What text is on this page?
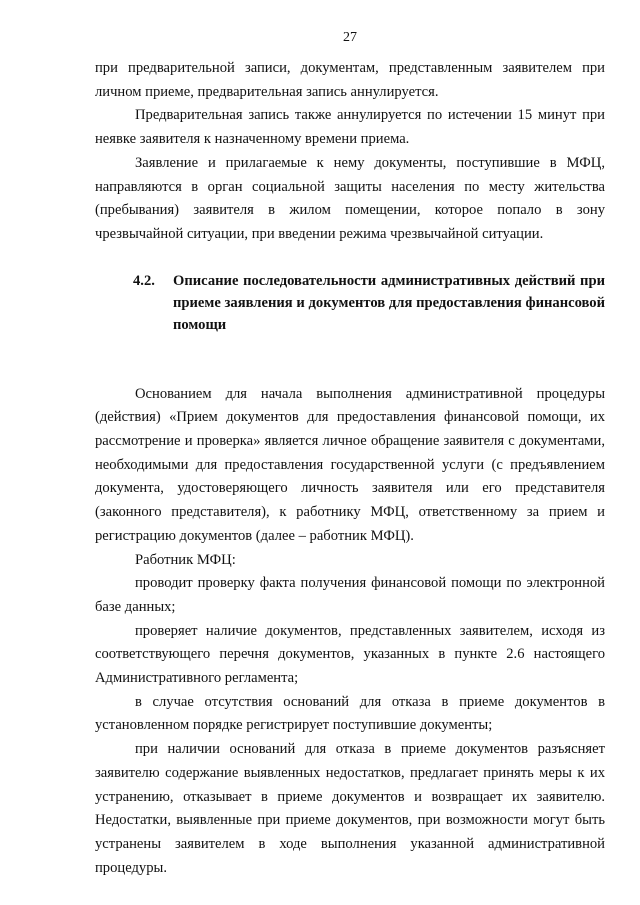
27

при предварительной записи, документам, представленным заявителем при личном приеме, предварительная запись аннулируется.

Предварительная запись также аннулируется по истечении 15 минут при неявке заявителя к назначенному времени приема.

Заявление и прилагаемые к нему документы, поступившие в МФЦ, направляются в орган социальной защиты населения по месту жительства (пребывания) заявителя в жилом помещении, которое попало в зону чрезвычайной ситуации, при введении режима чрезвычайной ситуации.

4.2.	Описание последовательности административных действий при приеме заявления и документов для предоставления финансовой помощи

Основанием для начала выполнения административной процедуры (действия) «Прием документов для предоставления финансовой помощи, их рассмотрение и проверка» является личное обращение заявителя с документами, необходимыми для предоставления государственной услуги (с предъявлением документа, удостоверяющего личность заявителя или его представителя (законного представителя), к работнику МФЦ, ответственному за прием и регистрацию документов (далее – работник МФЦ).

Работник МФЦ:

проводит проверку факта получения финансовой помощи по электронной базе данных;

проверяет наличие документов, представленных заявителем, исходя из соответствующего перечня документов, указанных в пункте 2.6 настоящего Административного регламента;

в случае отсутствия оснований для отказа в приеме документов в установленном порядке регистрирует поступившие документы;

при наличии оснований для отказа в приеме документов разъясняет заявителю содержание выявленных недостатков, предлагает принять меры к их устранению, отказывает в приеме документов и возвращает их заявителю. Недостатки, выявленные при приеме документов, при возможности могут быть устранены заявителем в ходе выполнения указанной административной процедуры.
